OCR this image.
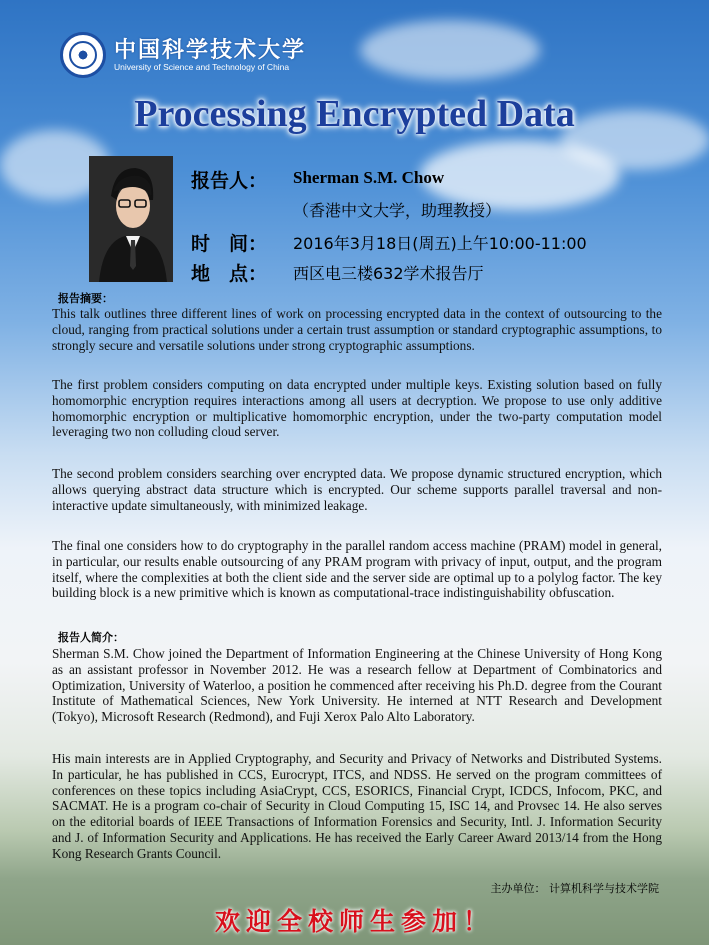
中国科学技术大学
University of Science and Technology of China
Processing Encrypted Data
报告人： Sherman S.M. Chow
（香港中文大学，助理教授）
时　间： 2016年3月18日(周五)上午10:00-11:00
地　点： 西区电三楼632学术报告厅
报告摘要：
This talk outlines three different lines of work on processing encrypted data in the context of outsourcing to the cloud, ranging from practical solutions under a certain trust assumption or standard cryptographic assumptions, to strongly secure and versatile solutions under strong cryptographic assumptions.
The first problem considers computing on data encrypted under multiple keys. Existing solution based on fully homomorphic encryption requires interactions among all users at decryption. We propose to use only additive homomorphic encryption or multiplicative homomorphic encryption, under the two-party computation model leveraging two non colluding cloud server.
The second problem considers searching over encrypted data. We propose dynamic structured encryption, which allows querying abstract data structure which is encrypted. Our scheme supports parallel traversal and non-interactive update simultaneously, with minimized leakage.
The final one considers how to do cryptography in the parallel random access machine (PRAM) model in general, in particular, our results enable outsourcing of any PRAM program with privacy of input, output, and the program itself, where the complexities at both the client side and the server side are optimal up to a polylog factor. The key building block is a new primitive which is known as computational-trace indistinguishability obfuscation.
报告人简介：
Sherman S.M. Chow joined the Department of Information Engineering at the Chinese University of Hong Kong as an assistant professor in November 2012. He was a research fellow at Department of Combinatorics and Optimization, University of Waterloo, a position he commenced after receiving his Ph.D. degree from the Courant Institute of Mathematical Sciences, New York University. He interned at NTT Research and Development (Tokyo), Microsoft Research (Redmond), and Fuji Xerox Palo Alto Laboratory.
His main interests are in Applied Cryptography, and Security and Privacy of Networks and Distributed Systems. In particular, he has published in CCS, Eurocrypt, ITCS, and NDSS. He served on the program committees of conferences on these topics including AsiaCrypt, CCS, ESORICS, Financial Crypt, ICDCS, Infocom, PKC, and SACMAT. He is a program co-chair of Security in Cloud Computing 15, ISC 14, and Provsec 14. He also serves on the editorial boards of IEEE Transactions of Information Forensics and Security, Intl. J. Information Security and J. of Information Security and Applications. He has received the Early Career Award 2013/14 from the Hong Kong Research Grants Council.
主办单位： 计算机科学与技术学院
欢迎全校师生参加！
